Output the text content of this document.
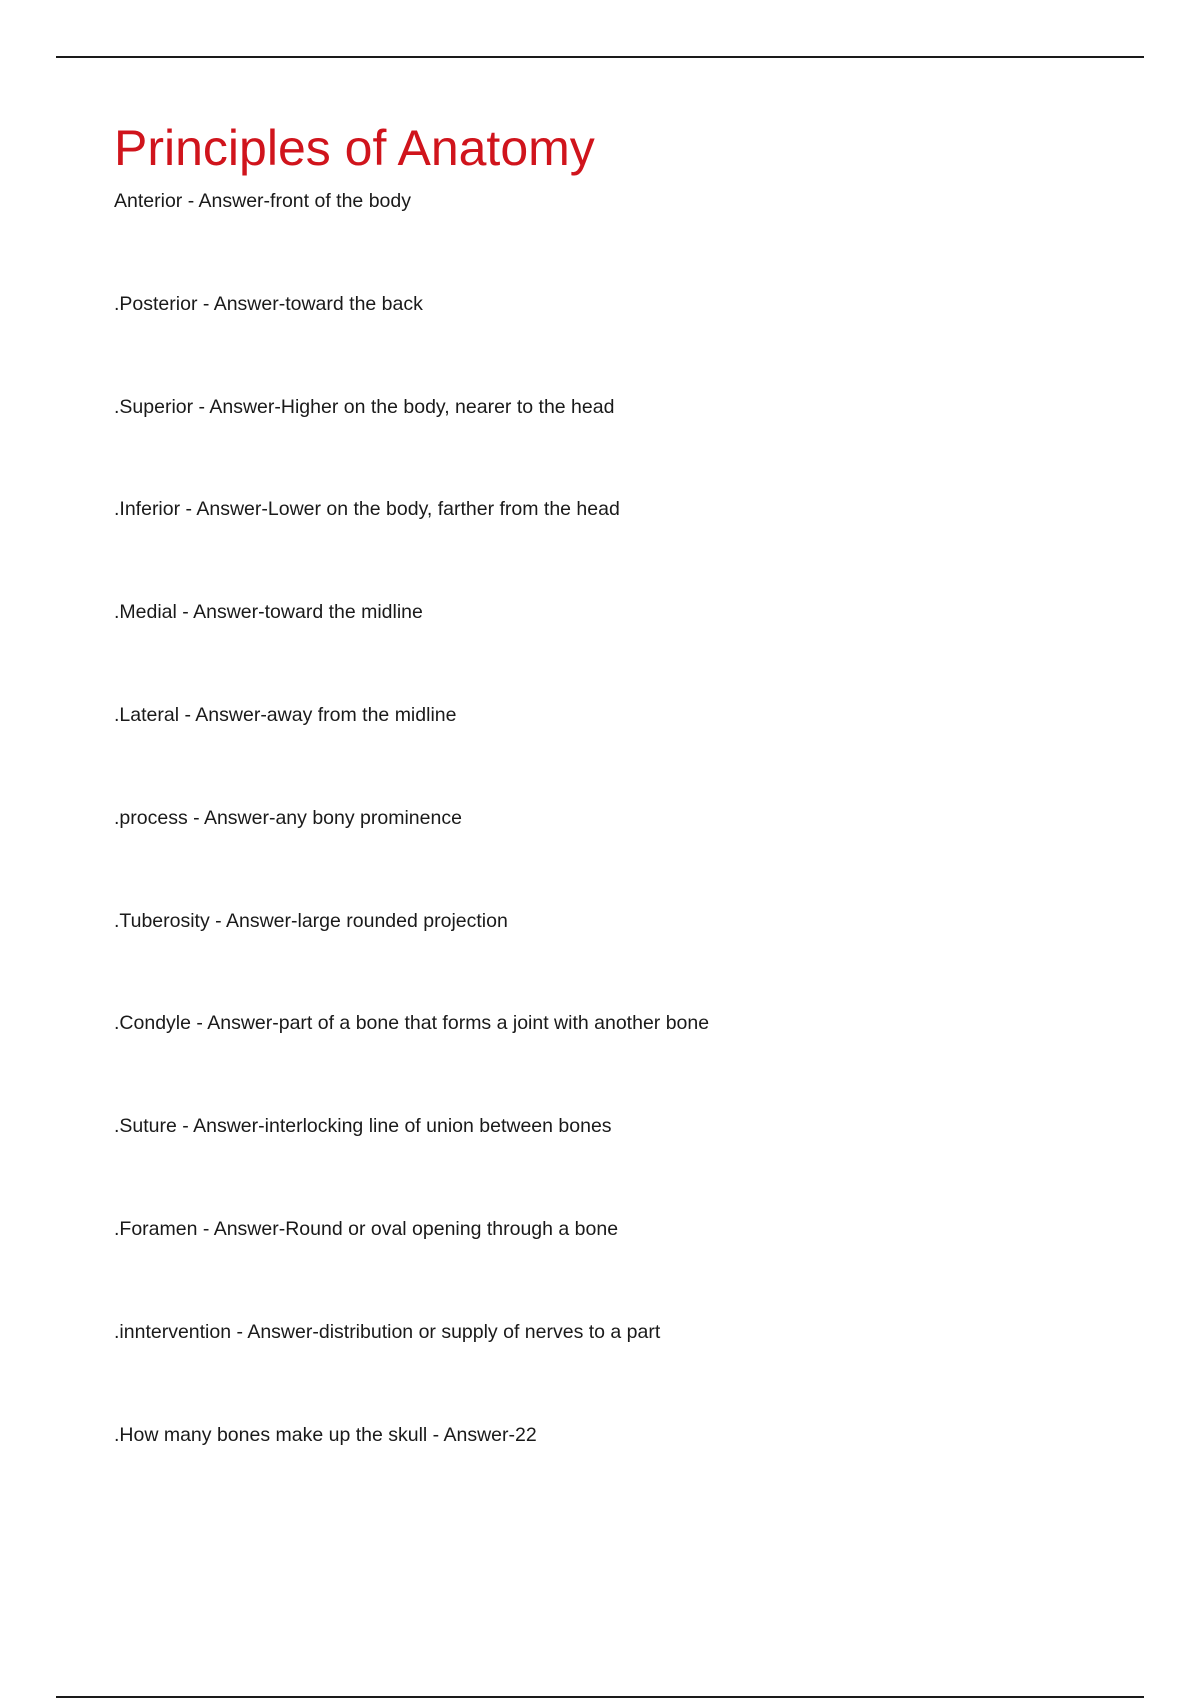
Principles of Anatomy
Anterior - Answer-front of the body
.Posterior - Answer-toward the back
.Superior - Answer-Higher on the body, nearer to the head
.Inferior - Answer-Lower on the body, farther from the head
.Medial - Answer-toward the midline
.Lateral - Answer-away from the midline
.process - Answer-any bony prominence
.Tuberosity - Answer-large rounded projection
.Condyle - Answer-part of a bone that forms a joint with another bone
.Suture - Answer-interlocking line of union between bones
.Foramen - Answer-Round or oval opening through a bone
.inntervention - Answer-distribution or supply of nerves to a part
.How many bones make up the skull - Answer-22
